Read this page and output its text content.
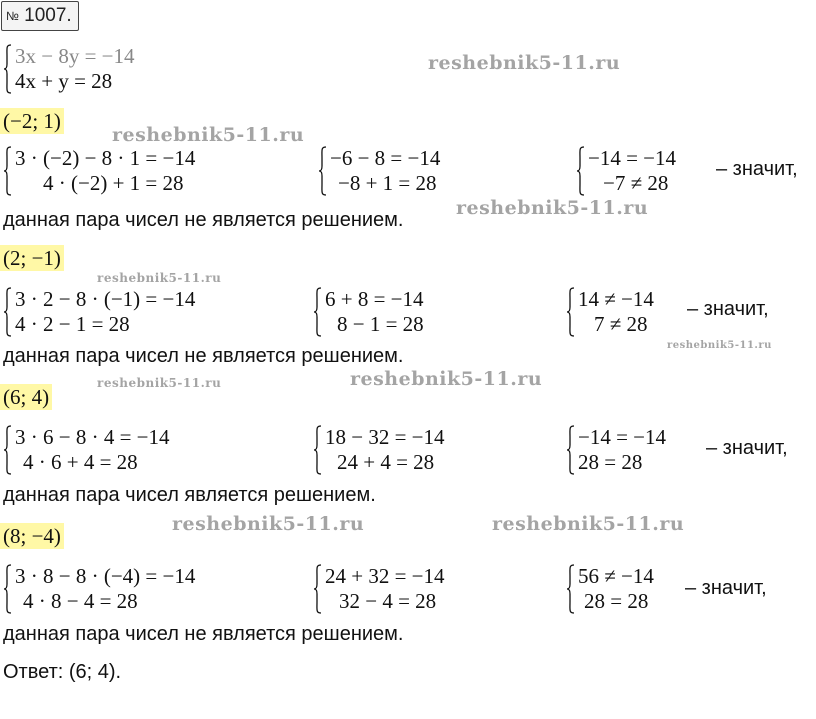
№ 1007.
3x − 8y = −14
4x + y = 28
(−2; 1)
3 · (−2) − 8 · 1 = −14
4 · (−2) + 1 = 28
−6 − 8 = −14
−8 + 1 = 28
−14 = −14
−7 ≠ 28
– значит,
данная пара чисел не является решением.
(2; −1)
3 · 2 − 8 · (−1) = −14
4 · 2 − 1 = 28
6 + 8 = −14
8 − 1 = 28
14 ≠ −14
7 ≠ 28
– значит,
данная пара чисел не является решением.
(6; 4)
3 · 6 − 8 · 4 = −14
4 · 6 + 4 = 28
18 − 32 = −14
24 + 4 = 28
−14 = −14
28 = 28
– значит,
данная пара чисел является решением.
(8; −4)
3 · 8 − 8 · (−4) = −14
4 · 8 − 4 = 28
24 + 32 = −14
32 − 4 = 28
56 ≠ −14
28 = 28
– значит,
данная пара чисел не является решением.
Ответ: (6; 4).
reshebnik5-11.ru
reshebnik5-11.ru
reshebnik5-11.ru
reshebnik5-11.ru
reshebnik5-11.ru
reshebnik5-11.ru	reshebnik5-11.ru
reshebnik5-11.ru	reshebnik5-11.ru
